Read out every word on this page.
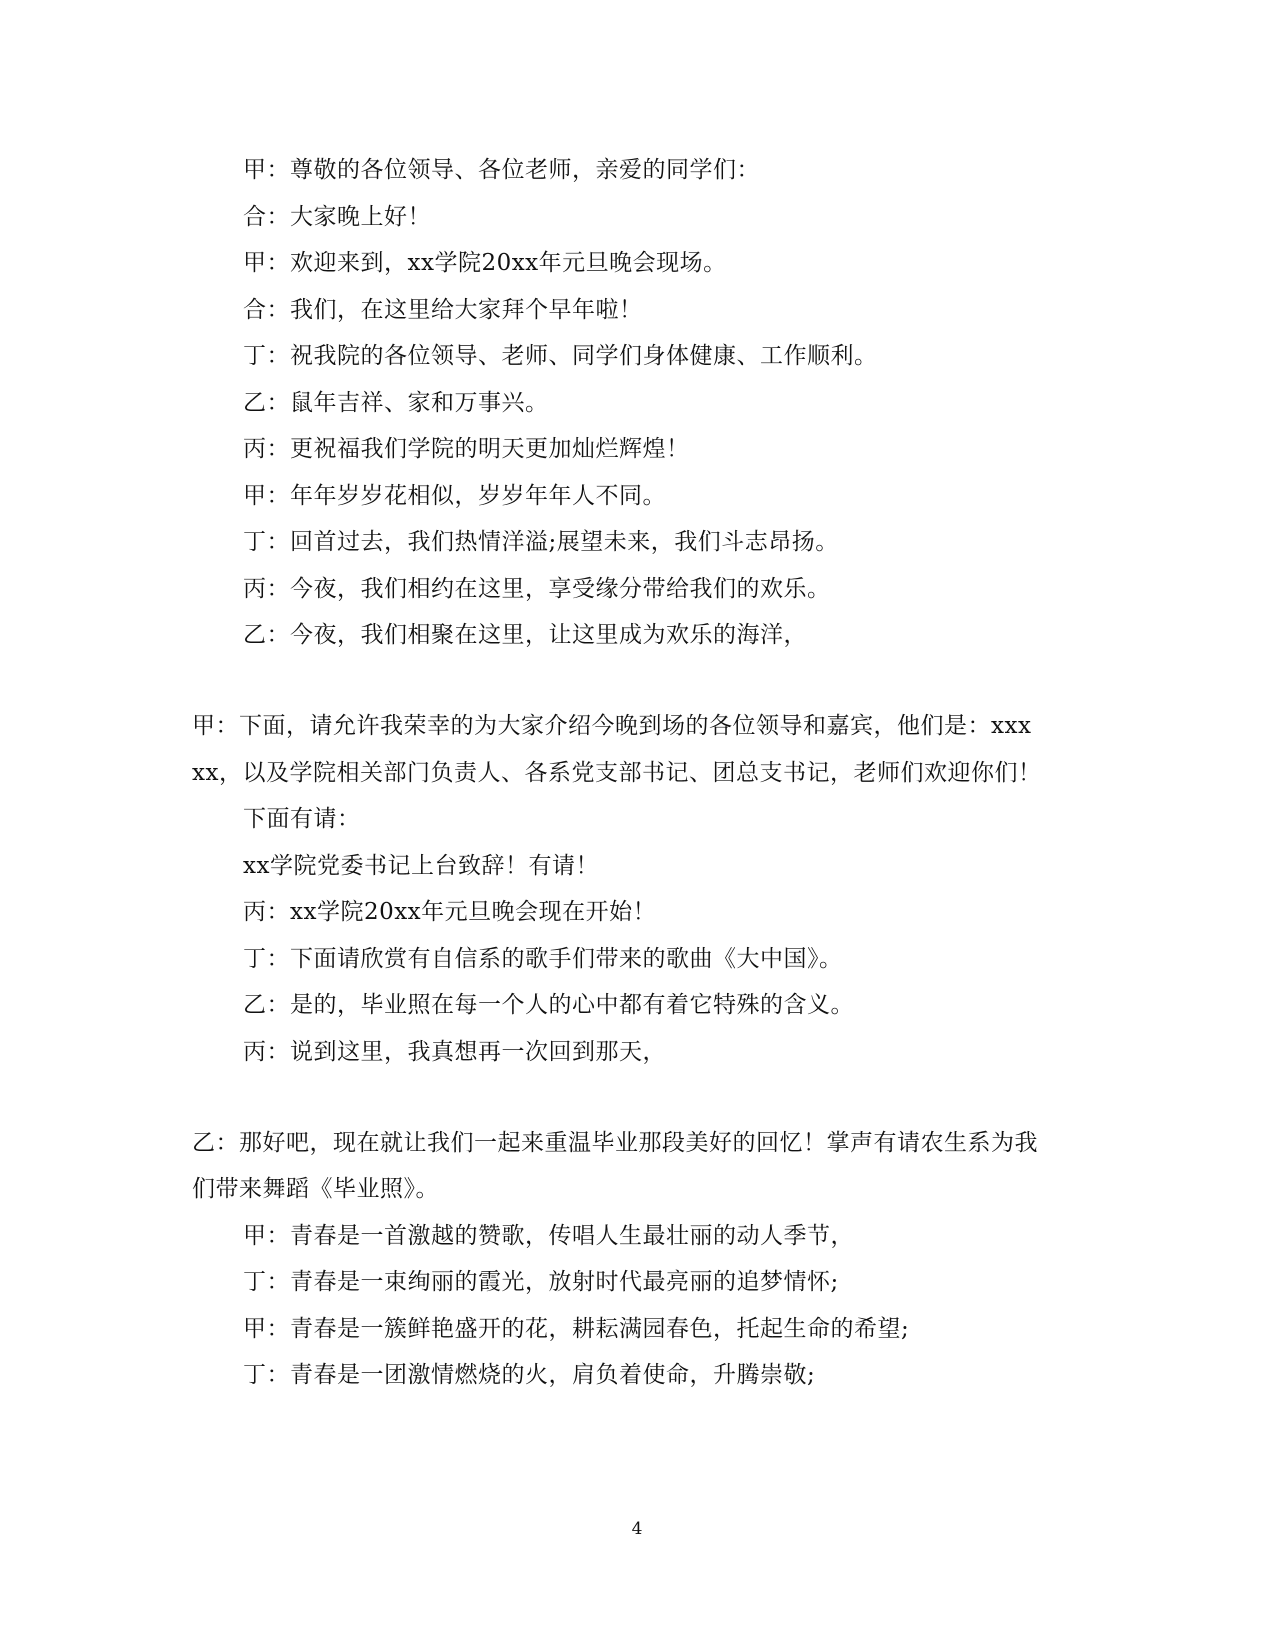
甲：尊敬的各位领导、各位老师，亲爱的同学们：
合：大家晚上好！
甲：欢迎来到，xx学院20xx年元旦晚会现场。
合：我们，在这里给大家拜个早年啦！
丁：祝我院的各位领导、老师、同学们身体健康、工作顺利。
乙：鼠年吉祥、家和万事兴。
丙：更祝福我们学院的明天更加灿烂辉煌！
甲：年年岁岁花相似，岁岁年年人不同。
丁：回首过去，我们热情洋溢;展望未来，我们斗志昂扬。
丙：今夜，我们相约在这里，享受缘分带给我们的欢乐。
乙：今夜，我们相聚在这里，让这里成为欢乐的海洋，
甲：下面，请允许我荣幸的为大家介绍今晚到场的各位领导和嘉宾，他们是：xxx
xx，以及学院相关部门负责人、各系党支部书记、团总支书记，老师们欢迎你们！
下面有请：
xx学院党委书记上台致辞！有请！
丙：xx学院20xx年元旦晚会现在开始！
丁：下面请欣赏有自信系的歌手们带来的歌曲《大中国》。
乙：是的，毕业照在每一个人的心中都有着它特殊的含义。
丙：说到这里，我真想再一次回到那天，
乙：那好吧，现在就让我们一起来重温毕业那段美好的回忆！掌声有请农生系为我
们带来舞蹈《毕业照》。
甲：青春是一首激越的赞歌，传唱人生最壮丽的动人季节，
丁：青春是一束绚丽的霞光，放射时代最亮丽的追梦情怀;
甲：青春是一簇鲜艳盛开的花，耕耘满园春色，托起生命的希望;
丁：青春是一团激情燃烧的火，肩负着使命，升腾崇敬;
4
